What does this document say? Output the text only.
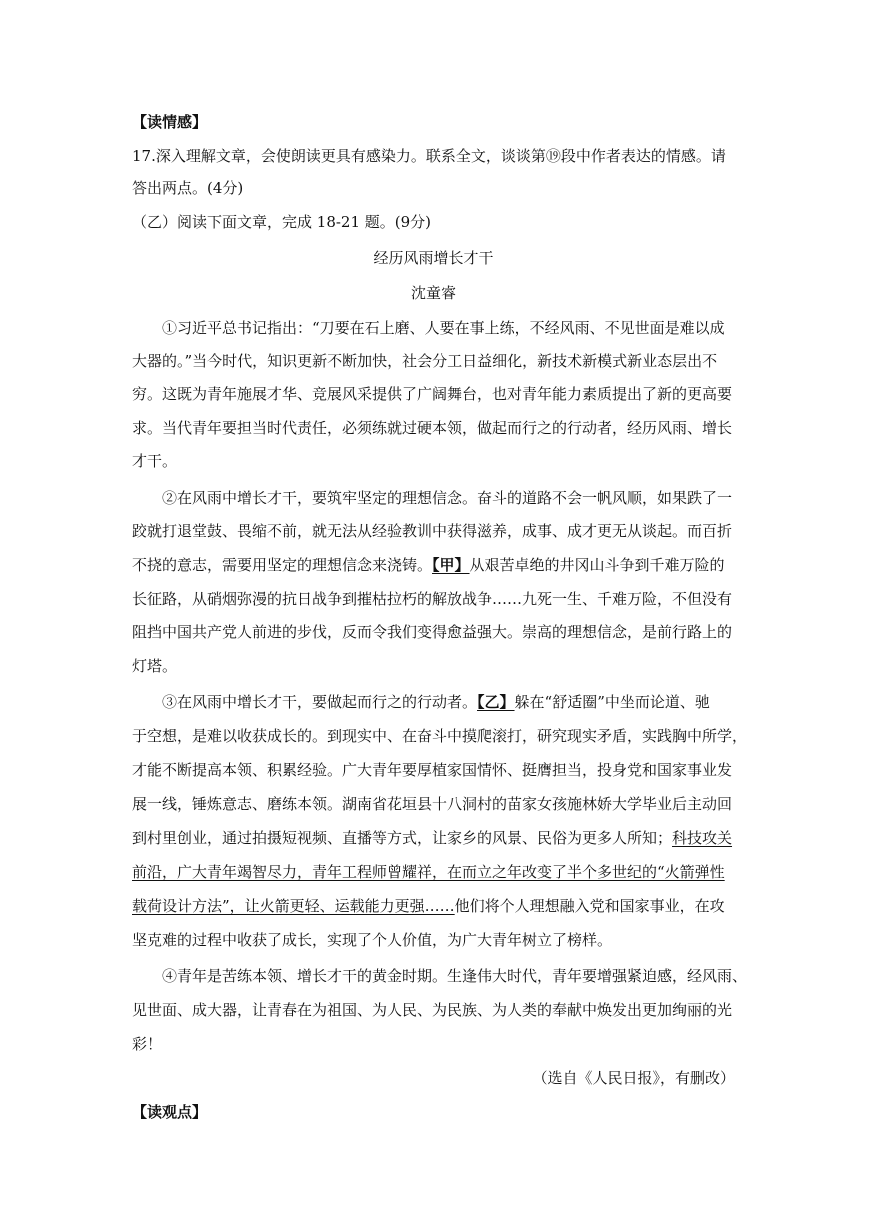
【读情感】
17.深入理解文章，会使朗读更具有感染力。联系全文，谈谈第⑲段中作者表达的情感。请
答出两点。(4分)
（乙）阅读下面文章，完成 18-21 题。(9分)
经历风雨增长才干
沈童睿
①习近平总书记指出：“刀要在石上磨、人要在事上练，不经风雨、不见世面是难以成
大器的。”当今时代，知识更新不断加快，社会分工日益细化，新技术新模式新业态层出不
穷。这既为青年施展才华、竞展风采提供了广阔舞台，也对青年能力素质提出了新的更高要
求。当代青年要担当时代责任，必须练就过硬本领，做起而行之的行动者，经历风雨、增长
才干。
②在风雨中增长才干，要筑牢坚定的理想信念。奋斗的道路不会一帆风顺，如果跌了一
跤就打退堂鼓、畏缩不前，就无法从经验教训中获得滋养，成事、成才更无从谈起。而百折
不挠的意志，需要用坚定的理想信念来浇铸。【甲】从艰苦卓绝的井冈山斗争到千难万险的
长征路，从硝烟弥漫的抗日战争到摧枯拉朽的解放战争……九死一生、千难万险，不但没有
阻挡中国共产党人前进的步伐，反而令我们变得愈益强大。崇高的理想信念，是前行路上的
灯塔。
③在风雨中增长才干，要做起而行之的行动者。【乙】躲在“舒适圈”中坐而论道、驰
于空想，是难以收获成长的。到现实中、在奋斗中摸爬滚打，研究现实矛盾，实践胸中所学，
才能不断提高本领、积累经验。广大青年要厚植家国情怀、挺膺担当，投身党和国家事业发
展一线，锤炼意志、磨练本领。湖南省花垣县十八洞村的苗家女孩施林娇大学毕业后主动回
到村里创业，通过拍摄短视频、直播等方式，让家乡的风景、民俗为更多人所知；科技攻关
前沿，广大青年竭智尽力，青年工程师曾耀祥，在而立之年改变了半个多世纪的“火箭弹性
载荷设计方法”，让火箭更轻、运载能力更强……他们将个人理想融入党和国家事业，在攻
坚克难的过程中收获了成长，实现了个人价值，为广大青年树立了榜样。
④青年是苦练本领、增长才干的黄金时期。生逢伟大时代，青年要增强紧迫感，经风雨、
见世面、成大器，让青春在为祖国、为人民、为民族、为人类的奉献中焕发出更加绚丽的光
彩！
（选自《人民日报》，有删改）
【读观点】
